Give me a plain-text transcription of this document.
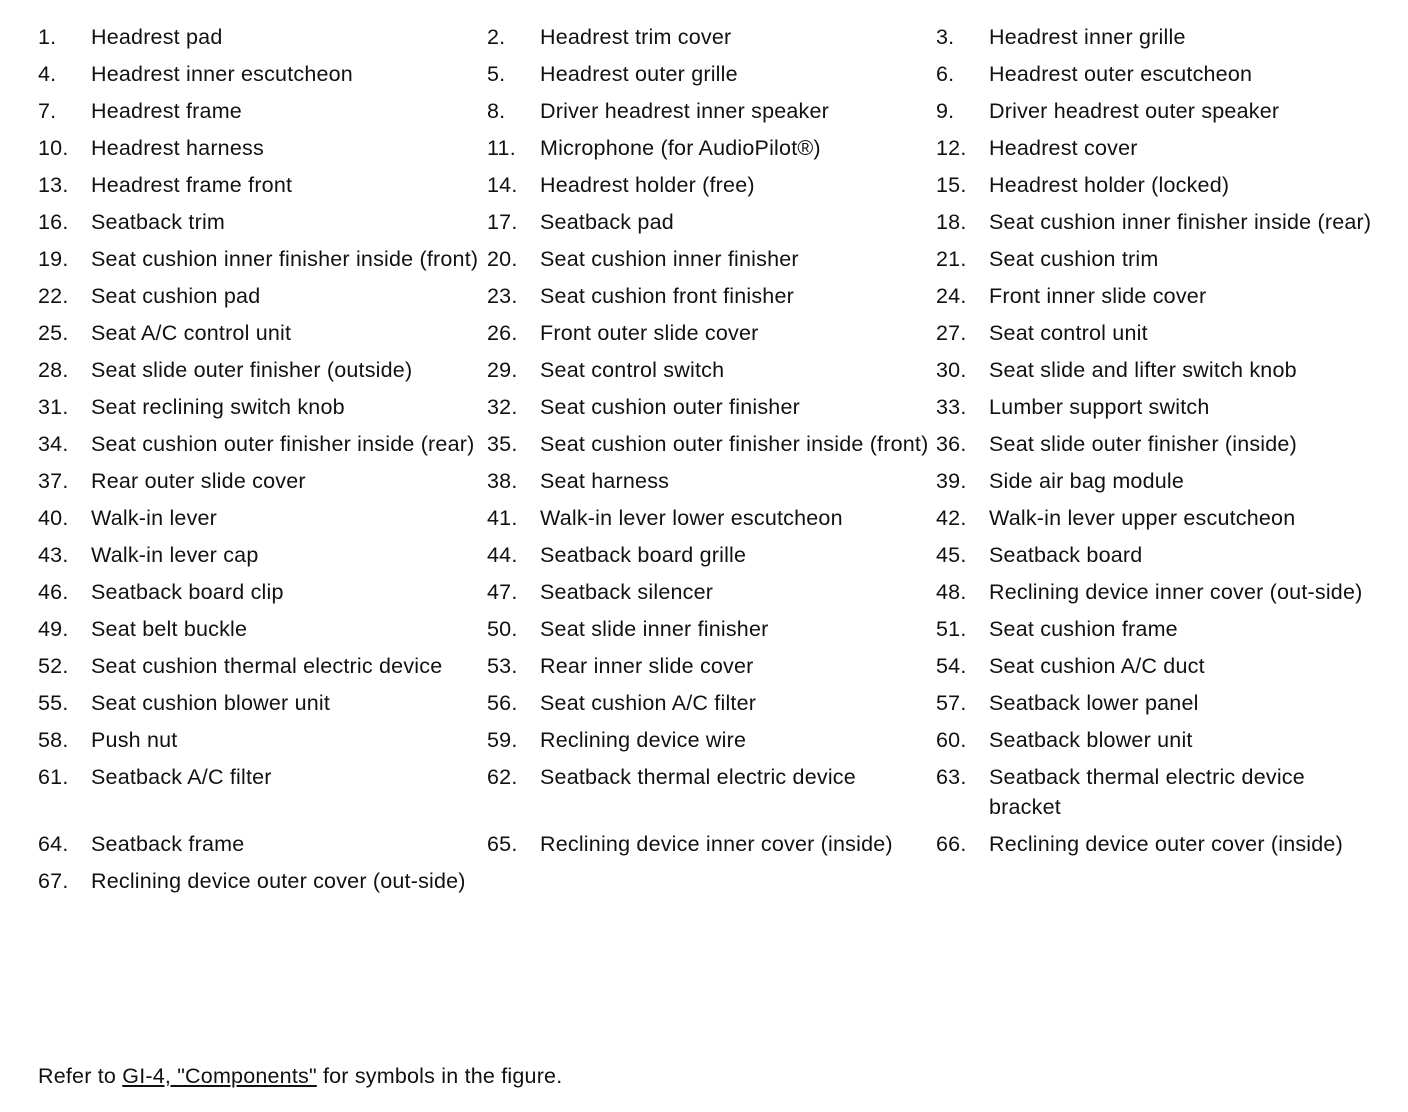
1.	Headrest pad	2.	Headrest trim cover	3.	Headrest inner grille
4.	Headrest inner escutcheon	5.	Headrest outer grille	6.	Headrest outer escutcheon
7.	Headrest frame	8.	Driver headrest inner speaker	9.	Driver headrest outer speaker
10.	Headrest harness	11.	Microphone (for AudioPilot®)	12.	Headrest cover
13.	Headrest frame front	14.	Headrest holder (free)	15.	Headrest holder (locked)
16.	Seatback trim	17.	Seatback pad	18.	Seat cushion inner finisher inside (rear)
19.	Seat cushion inner finisher inside (front) 20.	Seat cushion inner finisher	21.	Seat cushion trim
22.	Seat cushion pad	23.	Seat cushion front finisher	24.	Front inner slide cover
25.	Seat A/C control unit	26.	Front outer slide cover	27.	Seat control unit
28.	Seat slide outer finisher (outside)	29.	Seat control switch	30.	Seat slide and lifter switch knob
31.	Seat reclining switch knob	32.	Seat cushion outer finisher	33.	Lumber support switch
34.	Seat cushion outer finisher inside (rear) 35.	Seat cushion outer finisher inside (front) 36.	Seat slide outer finisher (inside)
37.	Rear outer slide cover	38.	Seat harness	39.	Side air bag module
40.	Walk-in lever	41.	Walk-in lever lower escutcheon	42.	Walk-in lever upper escutcheon
43.	Walk-in lever cap	44.	Seatback board grille	45.	Seatback board
46.	Seatback board clip	47.	Seatback silencer	48.	Reclining device inner cover (out-side)
49.	Seat belt buckle	50.	Seat slide inner finisher	51.	Seat cushion frame
52.	Seat cushion thermal electric device	53.	Rear inner slide cover	54.	Seat cushion A/C duct
55.	Seat cushion blower unit	56.	Seat cushion A/C filter	57.	Seatback lower panel
58.	Push nut	59.	Reclining device wire	60.	Seatback blower unit
61.	Seatback A/C filter	62.	Seatback thermal electric device	63.	Seatback thermal electric device bracket
64.	Seatback frame	65.	Reclining device inner cover (inside)	66.	Reclining device outer cover (inside)
67.	Reclining device outer cover (out-side)
Refer to GI-4, "Components" for symbols in the figure.
